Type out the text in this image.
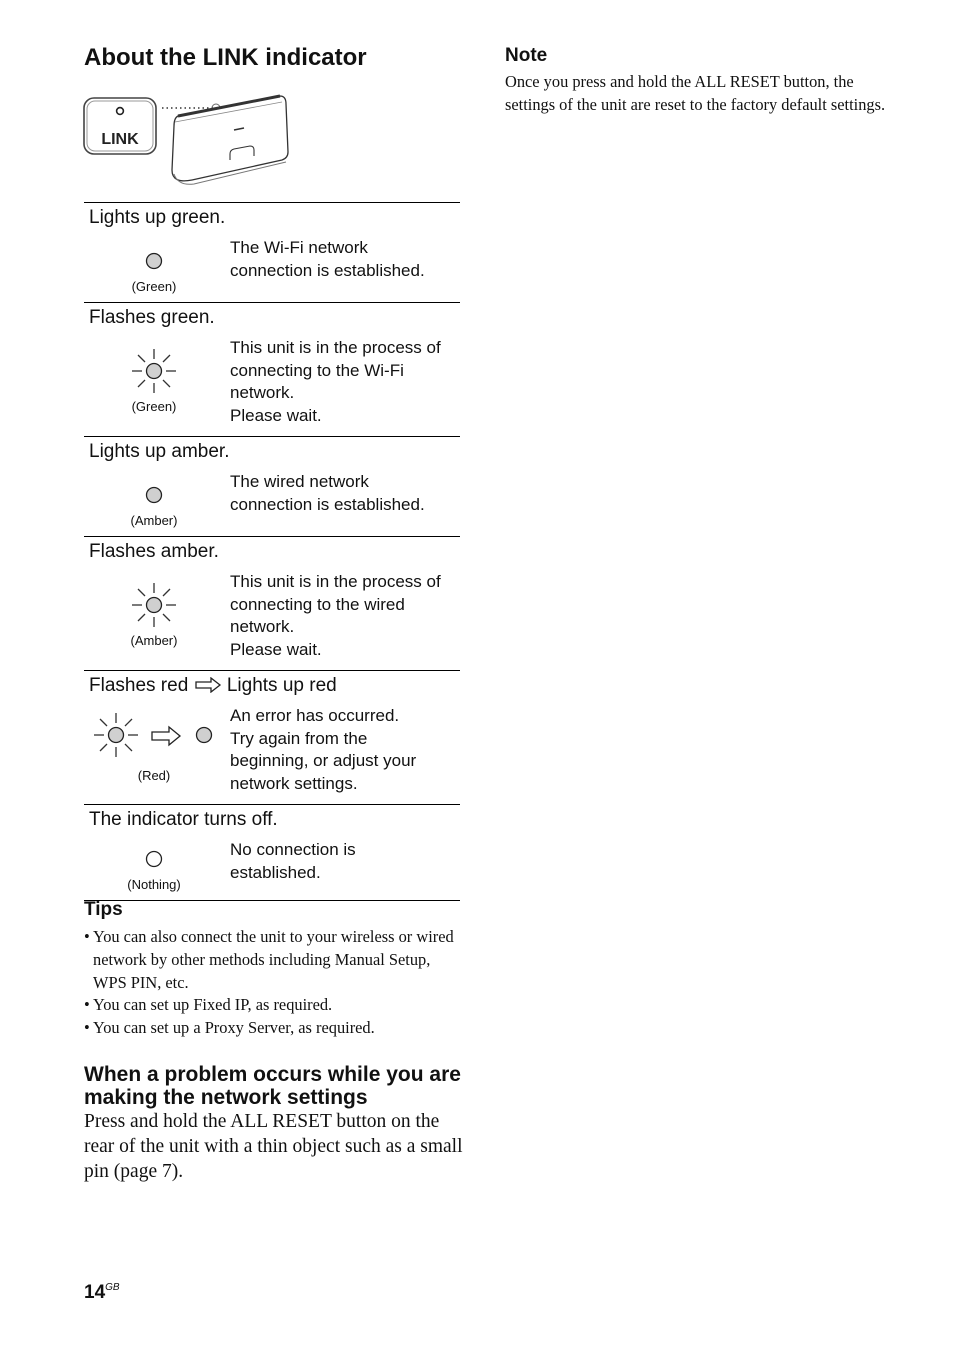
About the LINK indicator
LINK
Lights up green.
(Green)
The Wi-Fi network
connection is established.
Flashes green.
(Green)
This unit is in the process of
connecting to the Wi-Fi
network.
Please wait.
Lights up amber.
(Amber)
The wired network
connection is established.
Flashes amber.
(Amber)
This unit is in the process of
connecting to the wired
network.
Please wait.
Flashes red Lights up red
(Red)
An error has occurred.
Try again from the
beginning, or adjust your
network settings.
The indicator turns off.
(Nothing)
No connection is
established.
Tips
• You can also connect the unit to your wireless or wired network by other methods including Manual Setup, WPS PIN, etc.
• You can set up Fixed IP, as required.
• You can set up a Proxy Server, as required.
When a problem occurs while you are making the network settings

Press and hold the ALL RESET button on the rear of the unit with a thin object such as a small pin (page 7).

Note

Once you press and hold the ALL RESET button, the settings of the unit are reset to the factory default settings.

$14^{GB}$
